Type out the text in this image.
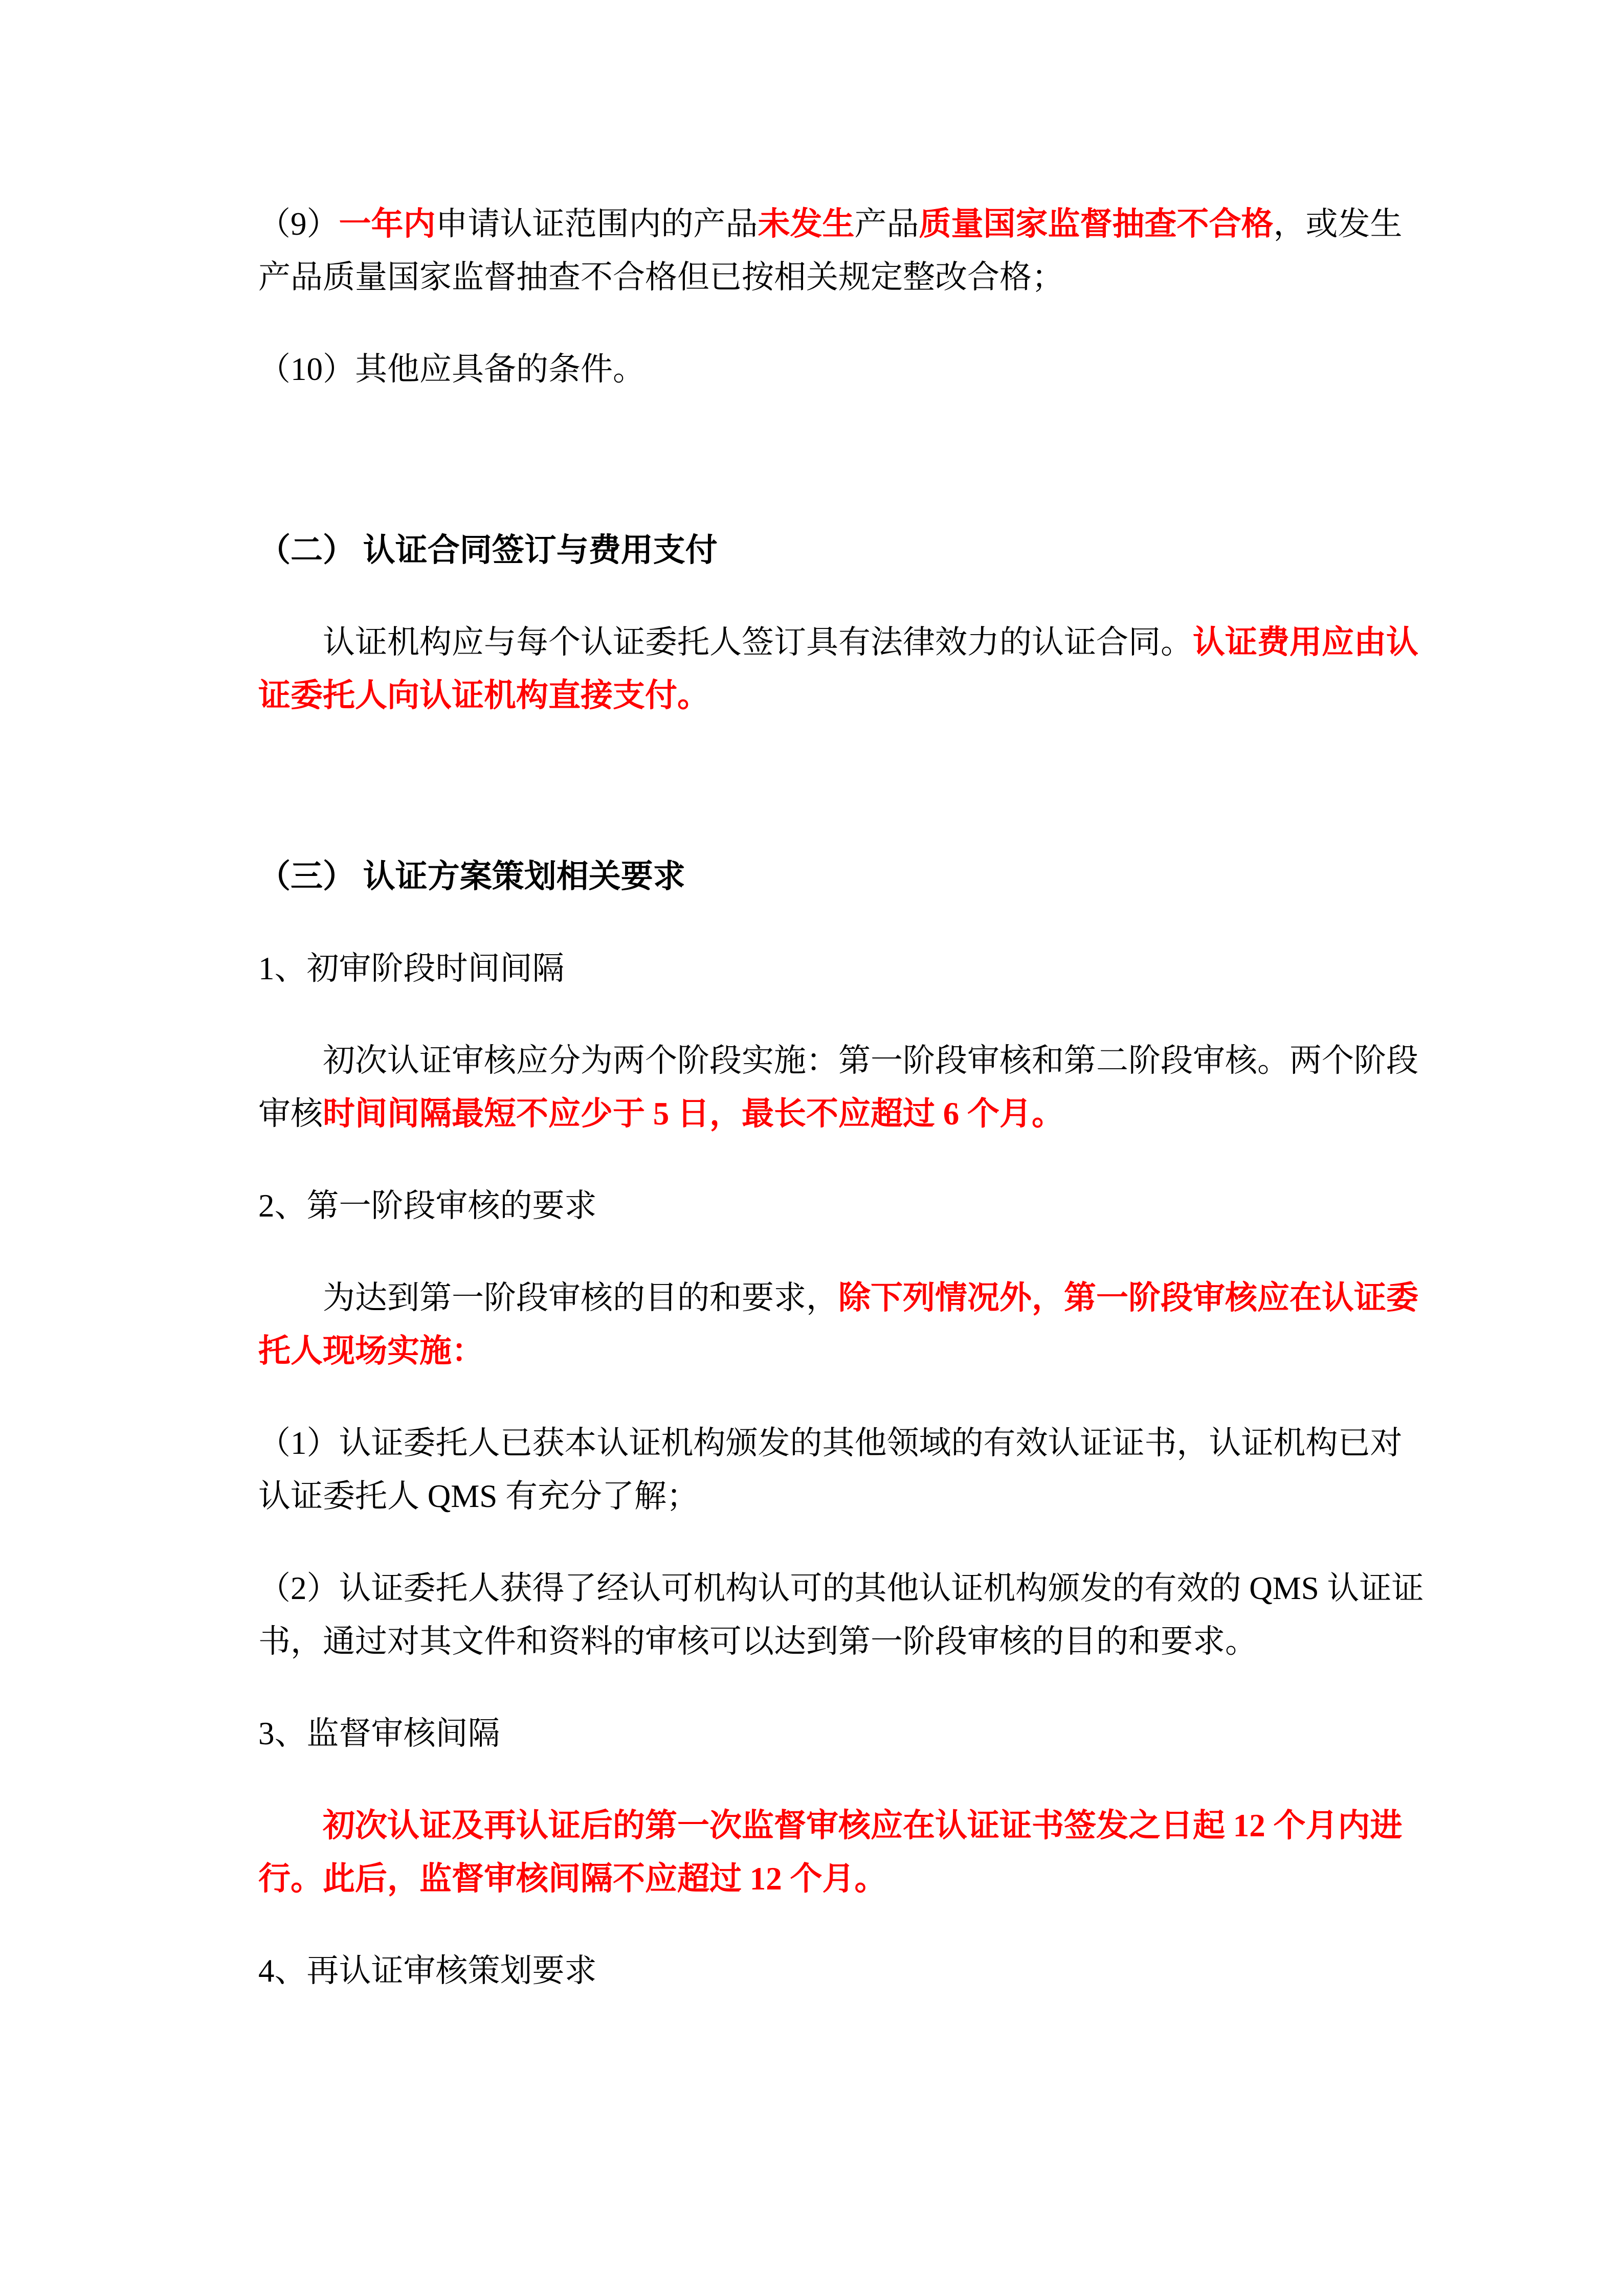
（9）一年内申请认证范围内的产品未发生产品质量国家监督抽查不合格，或发生
产品质量国家监督抽查不合格但已按相关规定整改合格；
（10）其他应具备的条件。
（二） 认证合同签订与费用支付
认证机构应与每个认证委托人签订具有法律效力的认证合同。认证费用应由认
证委托人向认证机构直接支付。
（三） 认证方案策划相关要求
1、初审阶段时间间隔
初次认证审核应分为两个阶段实施：第一阶段审核和第二阶段审核。两个阶段
审核时间间隔最短不应少于 5 日，最长不应超过 6 个月。
2、第一阶段审核的要求
为达到第一阶段审核的目的和要求，除下列情况外，第一阶段审核应在认证委
托人现场实施：
（1）认证委托人已获本认证机构颁发的其他领域的有效认证证书，认证机构已对
认证委托人 QMS 有充分了解；
（2）认证委托人获得了经认可机构认可的其他认证机构颁发的有效的 QMS 认证证
书，通过对其文件和资料的审核可以达到第一阶段审核的目的和要求。
3、监督审核间隔
初次认证及再认证后的第一次监督审核应在认证证书签发之日起 12 个月内进
行。此后，监督审核间隔不应超过 12 个月。
4、再认证审核策划要求
